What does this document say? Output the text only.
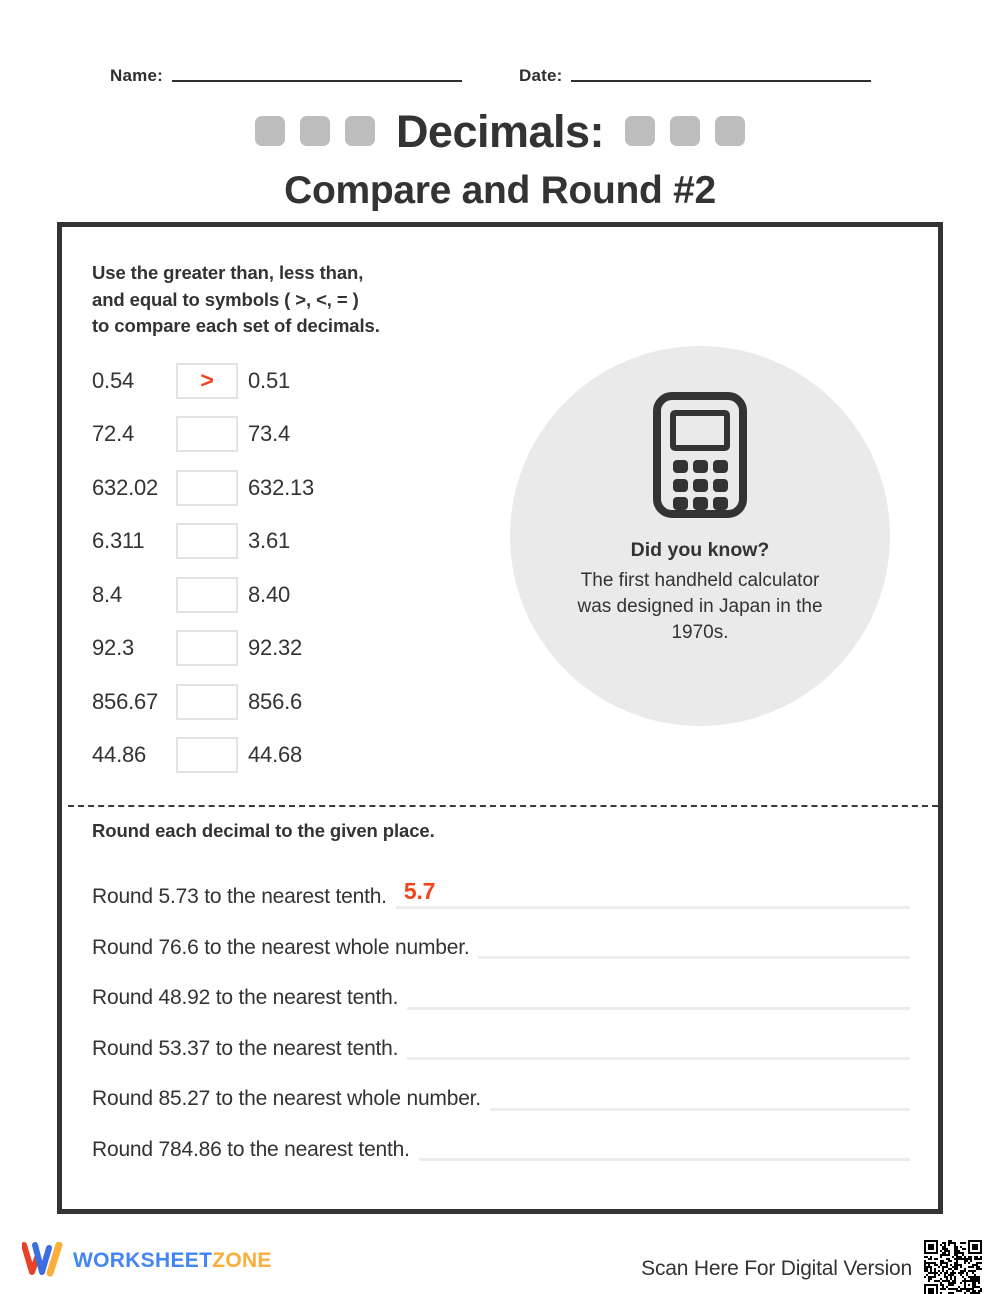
Name:	Date:
Decimals:
Compare and Round #2
Use the greater than, less than,
and equal to symbols ( >, <, = )
to compare each set of decimals.
0.54	> 0.51
72.4	73.4
632.02	632.13
6.311	3.61
8.4	8.40
92.3	92.32
856.67	856.6
44.86	44.68
Did you know?
The first handheld calculator was designed in Japan in the 1970s.
Round each decimal to the given place.
Round 5.73 to the nearest tenth. 5.7
Round 76.6 to the nearest whole number.
Round 48.92 to the nearest tenth.
Round 53.37 to the nearest tenth.
Round 85.27 to the nearest whole number.
Round 784.86 to the nearest tenth.
WORKSHEETZONE	Scan Here For Digital Version
